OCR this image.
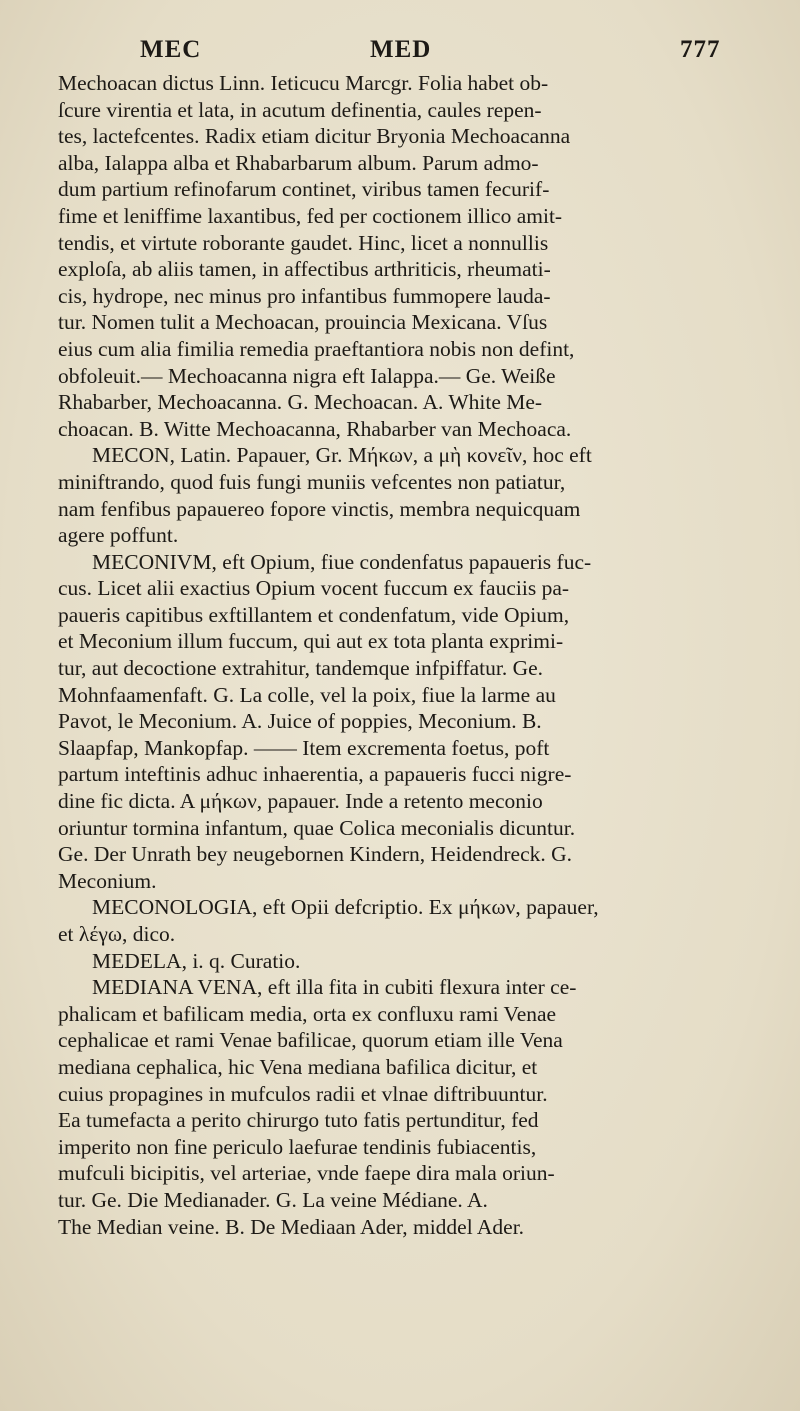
MEC	MED	777
Mechoacan dictus Linn. Ieticucu Marcgr. Folia habet ob-
ſcure virentia et lata, in acutum definentia, caules repen-
tes, lactefcentes. Radix etiam dicitur Bryonia Mechoacanna
alba, Ialappa alba et Rhabarbarum album. Parum admo-
dum partium refinofarum continet, viribus tamen fecurif-
fime et leniffime laxantibus, fed per coctionem illico amit-
tendis, et virtute roborante gaudet. Hinc, licet a nonnullis
exploſa, ab aliis tamen, in affectibus arthriticis, rheumati-
cis, hydrope, nec minus pro infantibus fummopere lauda-
tur. Nomen tulit a Mechoacan, prouincia Mexicana. Vſus
eius cum alia fimilia remedia praeftantiora nobis non defint,
obfoleuit.— Mechoacanna nigra eft Ialappa.— Ge. Weiße
Rhabarber, Mechoacanna. G. Mechoacan. A. White Me-
choacan. B. Witte Mechoacanna, Rhabarber van Mechoaca.
MECON, Latin. Papauer, Gr. Μήκων, a μὴ κονεῖν, hoc eft
miniftrando, quod fuis fungi muniis vefcentes non patiatur,
nam fenfibus papauereo fopore vinctis, membra nequicquam
agere poffunt.
MECONIVM, eft Opium, fiue condenfatus papaueris fuc-
cus. Licet alii exactius Opium vocent fuccum ex fauciis pa-
paueris capitibus exftillantem et condenfatum, vide Opium,
et Meconium illum fuccum, qui aut ex tota planta exprimi-
tur, aut decoctione extrahitur, tandemque infpiffatur. Ge.
Mohnfaamenfaft. G. La colle, vel la poix, fiue la larme au
Pavot, le Meconium. A. Juice of poppies, Meconium. B.
Slaapfap, Mankopfap. —— Item excrementa foetus, poft
partum inteftinis adhuc inhaerentia, a papaueris fucci nigre-
dine fic dicta. A μήκων, papauer. Inde a retento meconio
oriuntur tormina infantum, quae Colica meconialis dicuntur.
Ge. Der Unrath bey neugebornen Kindern, Heidendreck. G.
Meconium.
MECONOLOGIA, eft Opii defcriptio. Ex μήκων, papauer,
et λέγω, dico.
MEDELA, i. q. Curatio.
MEDIANA VENA, eft illa fita in cubiti flexura inter ce-
phalicam et bafilicam media, orta ex confluxu rami Venae
cephalicae et rami Venae bafilicae, quorum etiam ille Vena
mediana cephalica, hic Vena mediana bafilica dicitur, et
cuius propagines in mufculos radii et vlnae diftribuuntur.
Ea tumefacta a perito chirurgo tuto fatis pertunditur, fed
imperito non fine periculo laefurae tendinis fubiacentis,
mufculi bicipitis, vel arteriae, vnde faepe dira mala oriun-
tur. Ge. Die Medianader. G. La veine Médiane. A.
The Median veine. B. De Mediaan Ader, middel Ader.
